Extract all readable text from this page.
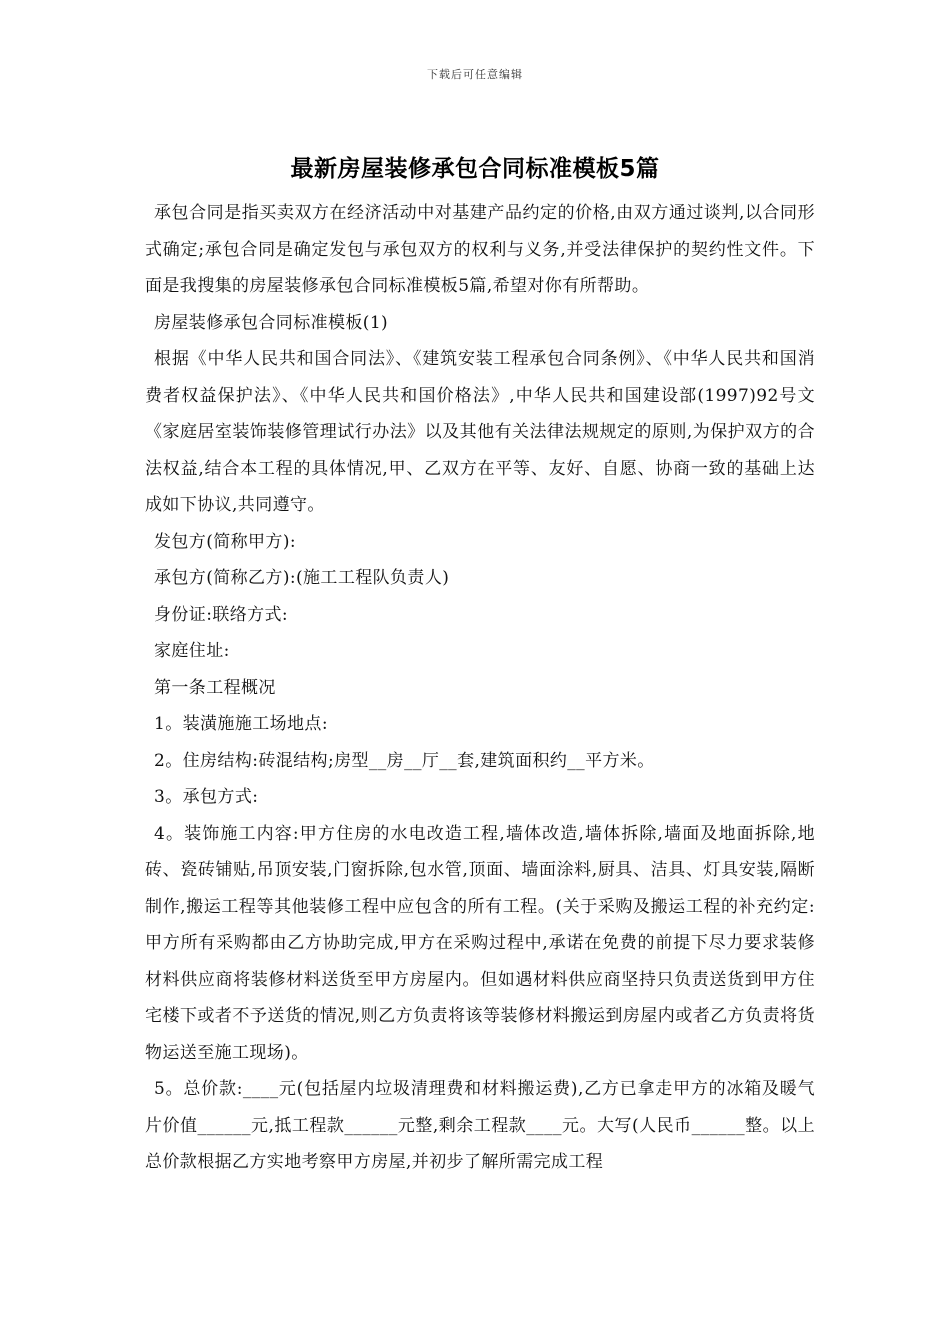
下载后可任意编辑
最新房屋装修承包合同标准模板5篇

承包合同是指买卖双方在经济活动中对基建产品约定的价格,由双方通过谈判,以合同形式确定;承包合同是确定发包与承包双方的权利与义务,并受法律保护的契约性文件。下面是我搜集的房屋装修承包合同标准模板5篇,希望对你有所帮助。

房屋装修承包合同标准模板(1)

根据《中华人民共和国合同法》、《建筑安装工程承包合同条例》、《中华人民共和国消费者权益保护法》、《中华人民共和国价格法》,中华人民共和国建设部(1997)92号文《家庭居室装饰装修管理试行办法》以及其他有关法律法规规定的原则,为保护双方的合法权益,结合本工程的具体情况,甲、乙双方在平等、友好、自愿、协商一致的基础上达成如下协议,共同遵守。

发包方(简称甲方):

承包方(简称乙方):(施工工程队负责人)

身份证:联络方式:

家庭住址:

第一条工程概况

1。装潢施施工场地点:

2。住房结构:砖混结构;房型__房__厅__套,建筑面积约__平方米。

3。承包方式:

4。装饰施工内容:甲方住房的水电改造工程,墙体改造,墙体拆除,墙面及地面拆除,地砖、瓷砖铺贴,吊顶安装,门窗拆除,包水管,顶面、墙面涂料,厨具、洁具、灯具安装,隔断制作,搬运工程等其他装修工程中应包含的所有工程。(关于采购及搬运工程的补充约定:甲方所有采购都由乙方协助完成,甲方在采购过程中,承诺在免费的前提下尽力要求装修材料供应商将装修材料送货至甲方房屋内。但如遇材料供应商坚持只负责送货到甲方住宅楼下或者不予送货的情况,则乙方负责将该等装修材料搬运到房屋内或者乙方负责将货物运送至施工现场)。

5。总价款:____元(包括屋内垃圾清理费和材料搬运费),乙方已拿走甲方的冰箱及暖气片价值______元,抵工程款______元整,剩余工程款____元。大写(人民币______整。以上总价款根据乙方实地考察甲方房屋,并初步了解所需完成工程
